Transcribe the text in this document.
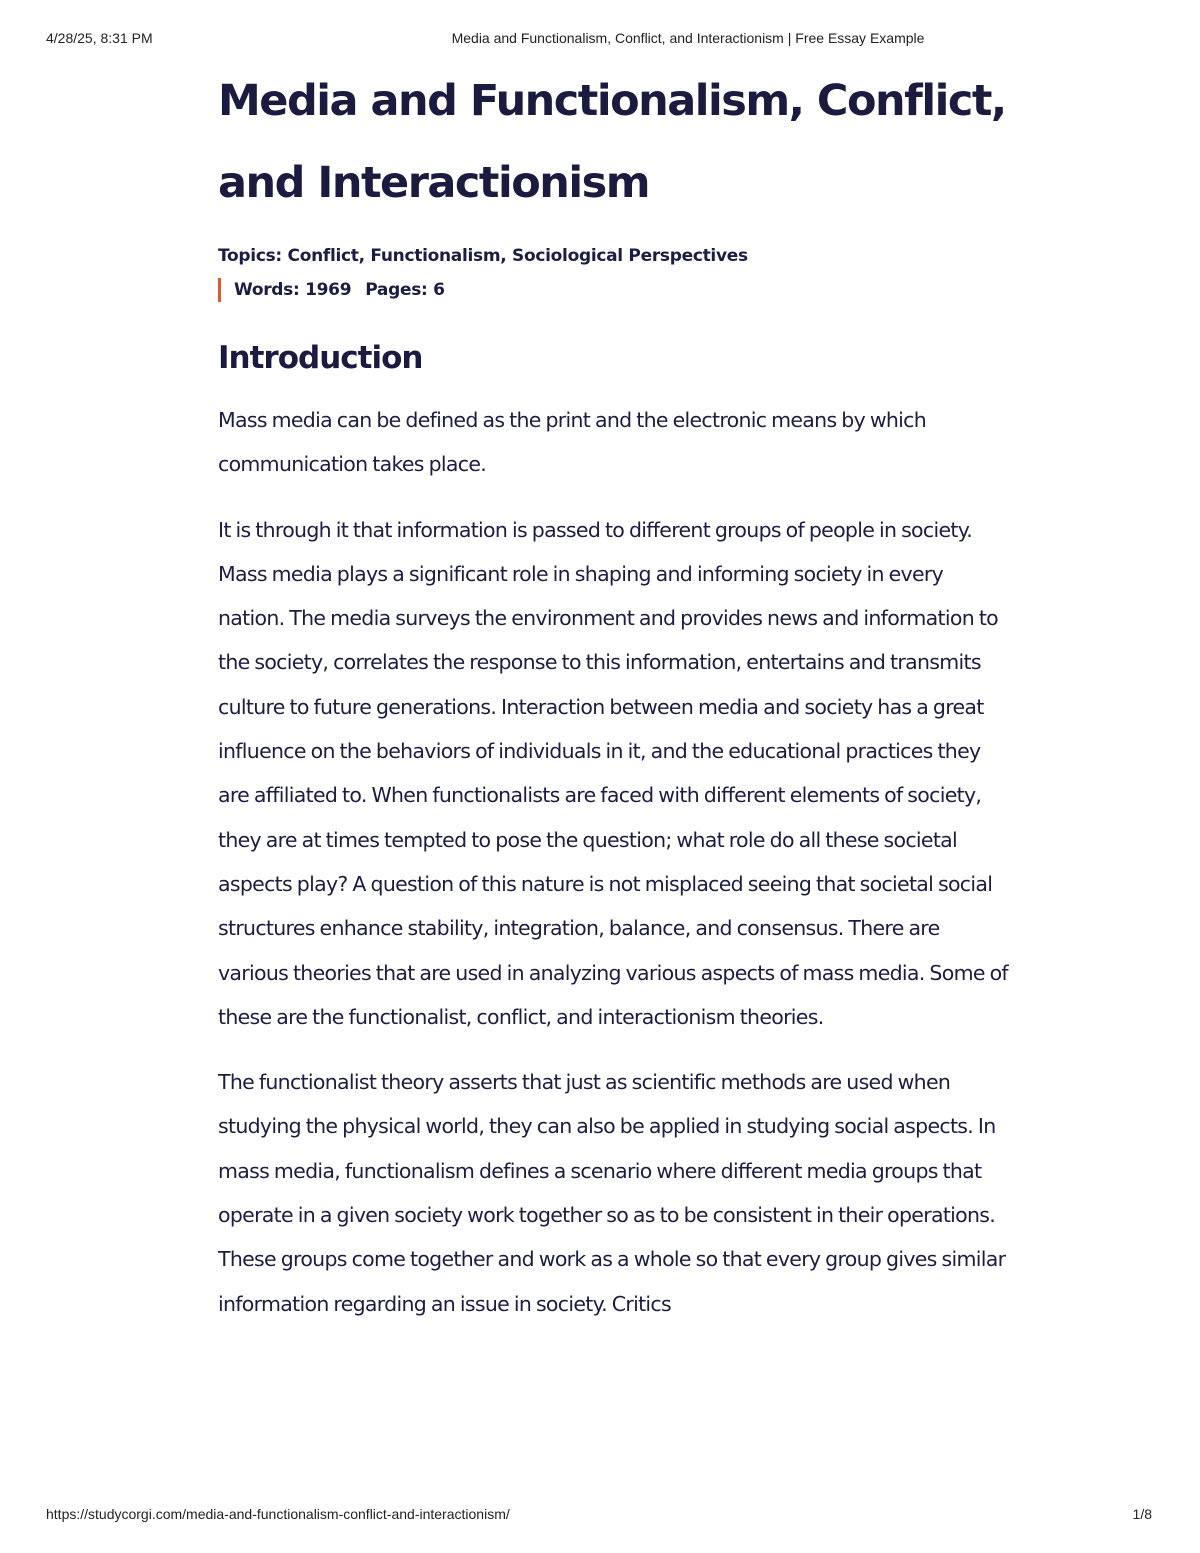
4/28/25, 8:31 PM	Media and Functionalism, Conflict, and Interactionism | Free Essay Example
Media and Functionalism, Conflict, and Interactionism
Topics: Conflict, Functionalism, Sociological Perspectives
Words: 1969 Pages: 6
Introduction

Mass media can be defined as the print and the electronic means by which communication takes place.

It is through it that information is passed to different groups of people in society. Mass media plays a significant role in shaping and informing society in every nation. The media surveys the environment and provides news and information to the society, correlates the response to this information, entertains and transmits culture to future generations. Interaction between media and society has a great influence on the behaviors of individuals in it, and the educational practices they are affiliated to. When functionalists are faced with different elements of society, they are at times tempted to pose the question; what role do all these societal aspects play? A question of this nature is not misplaced seeing that societal social structures enhance stability, integration, balance, and consensus. There are various theories that are used in analyzing various aspects of mass media. Some of these are the functionalist, conflict, and interactionism theories.

The functionalist theory asserts that just as scientific methods are used when studying the physical world, they can also be applied in studying social aspects. In mass media, functionalism defines a scenario where different media groups that operate in a given society work together so as to be consistent in their operations. These groups come together and work as a whole so that every group gives similar information regarding an issue in society. Critics

https://studycorgi.com/media-and-functionalism-conflict-and-interactionism/	1/8
